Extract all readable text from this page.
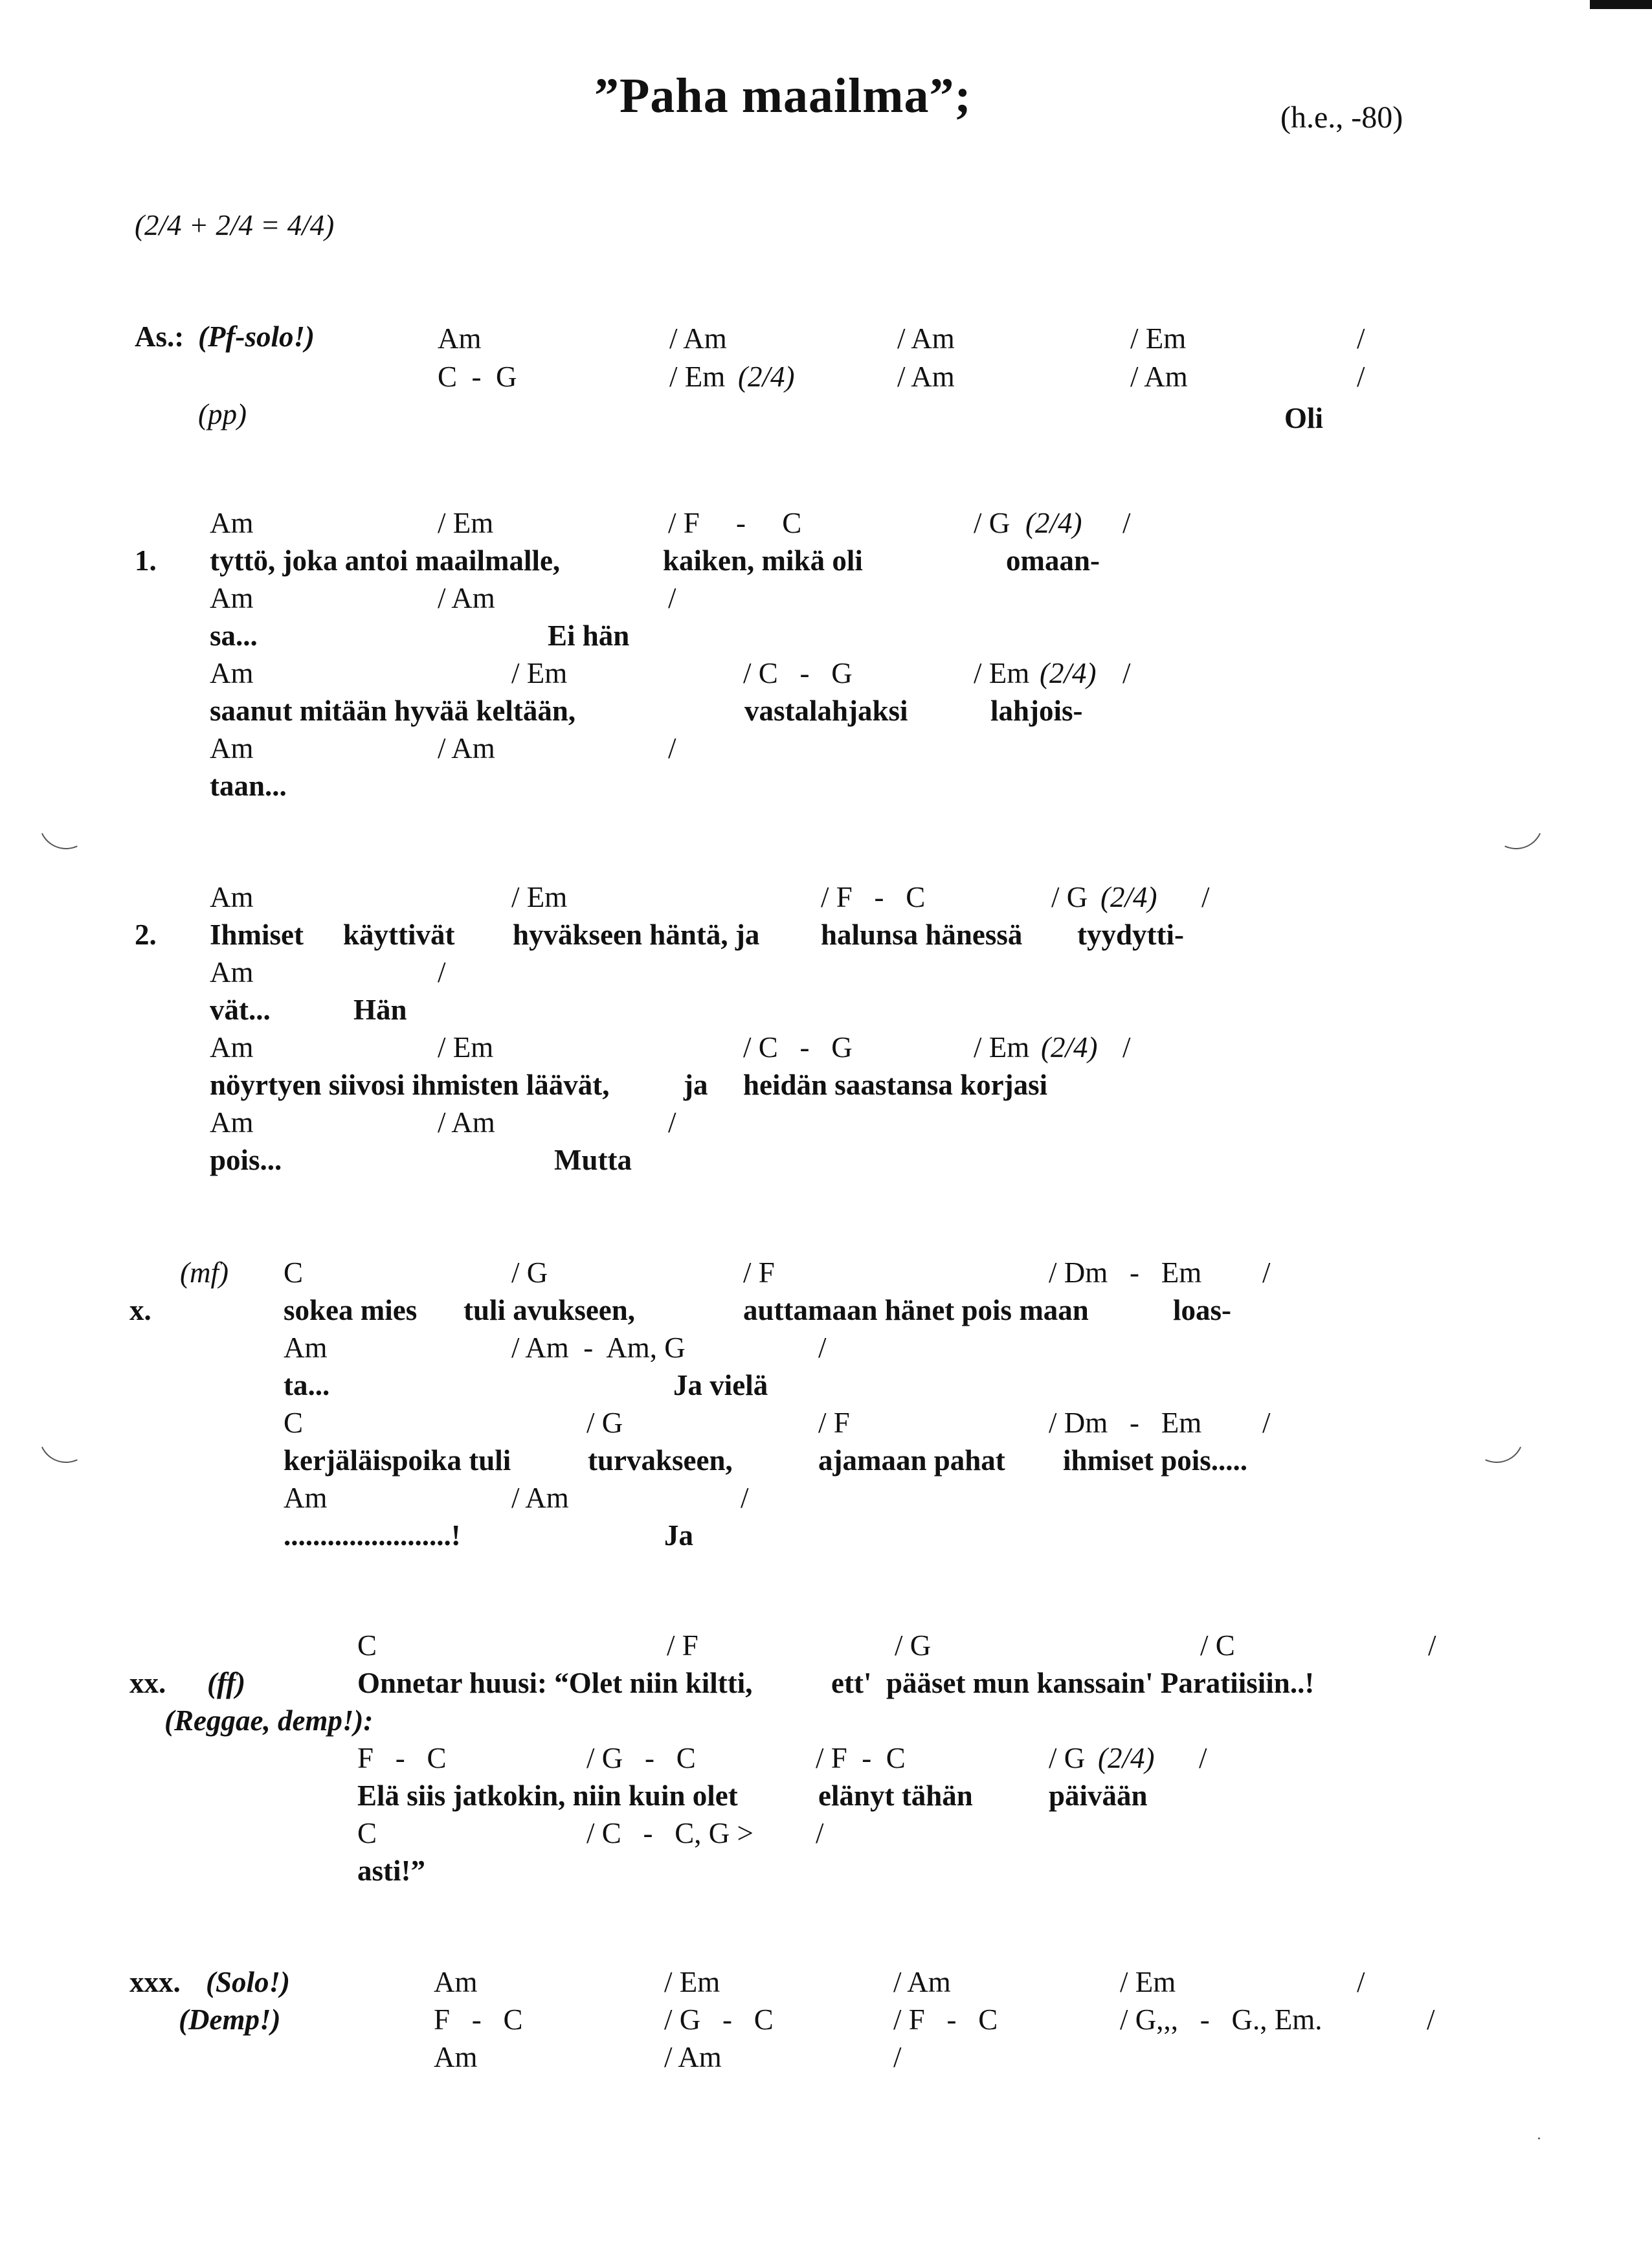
”Paha maailma”;	(h.e., -80)
(2/4 + 2/4 = 4/4)
As.: (Pf-solo!)	Am	/ Am	/ Am	/ Em	/
C  -  G	/ Em (2/4)	/ Am	/ Am	/
(pp)	Oli
Am	/ Em	/ F     -     C	/ G (2/4) /
1. tyttö, joka antoi maailmalle,	kaiken, mikä oli	omaan-
Am	/ Am	/
sa...	Ei hän
Am	/ Em	/ C   -   G	/ Em (2/4) /
saanut mitään hyvää keltään,	vastalahjaksi	lahjois-
Am	/ Am	/
taan...
Am	/ Em	/ F   -   C	/ G (2/4) /
2. Ihmiset käyttivät hyväkseen häntä, ja halunsa hänessä tyydytti-
Am	/
vät...	Hän
Am	/ Em	/ C   -   G	/ Em (2/4) /
nöyrtyen siivosi ihmisten läävät,	ja heidän saastansa korjasi
Am	/ Am	/
pois...	Mutta
(mf) C	/ G	/ F	/ Dm   -   Em /
x.	sokea mies tuli avukseen,	auttamaan hänet pois maan	loas-
Am	/ Am  -  Am, G	/
ta...	Ja vielä
C	/ G	/ F	/ Dm   -   Em /
kerjäläispoika tuli	turvakseen,	ajamaan pahat ihmiset pois.....
Am	/ Am	/
.......................!	Ja
C	/ F	/ G	/ C	/
xx. (ff)	Onnetar huusi: “Olet niin kiltti,	ett'  pääset mun kanssain' Paratiisiin..!
(Reggae, demp!):
F   -   C	/ G   -   C	/ F  -  C	/ G (2/4) /
Elä siis jatkokin, niin kuin olet	elänyt tähän	päivään
C	/ C   -   C, G > /
asti!”
xxx. (Solo!)	Am	/ Em	/ Am	/ Em	/
(Demp!)	F   -   C	/ G   -   C	/ F   -   C	/ G,,,   -   G., Em.	/
Am	/ Am	/
